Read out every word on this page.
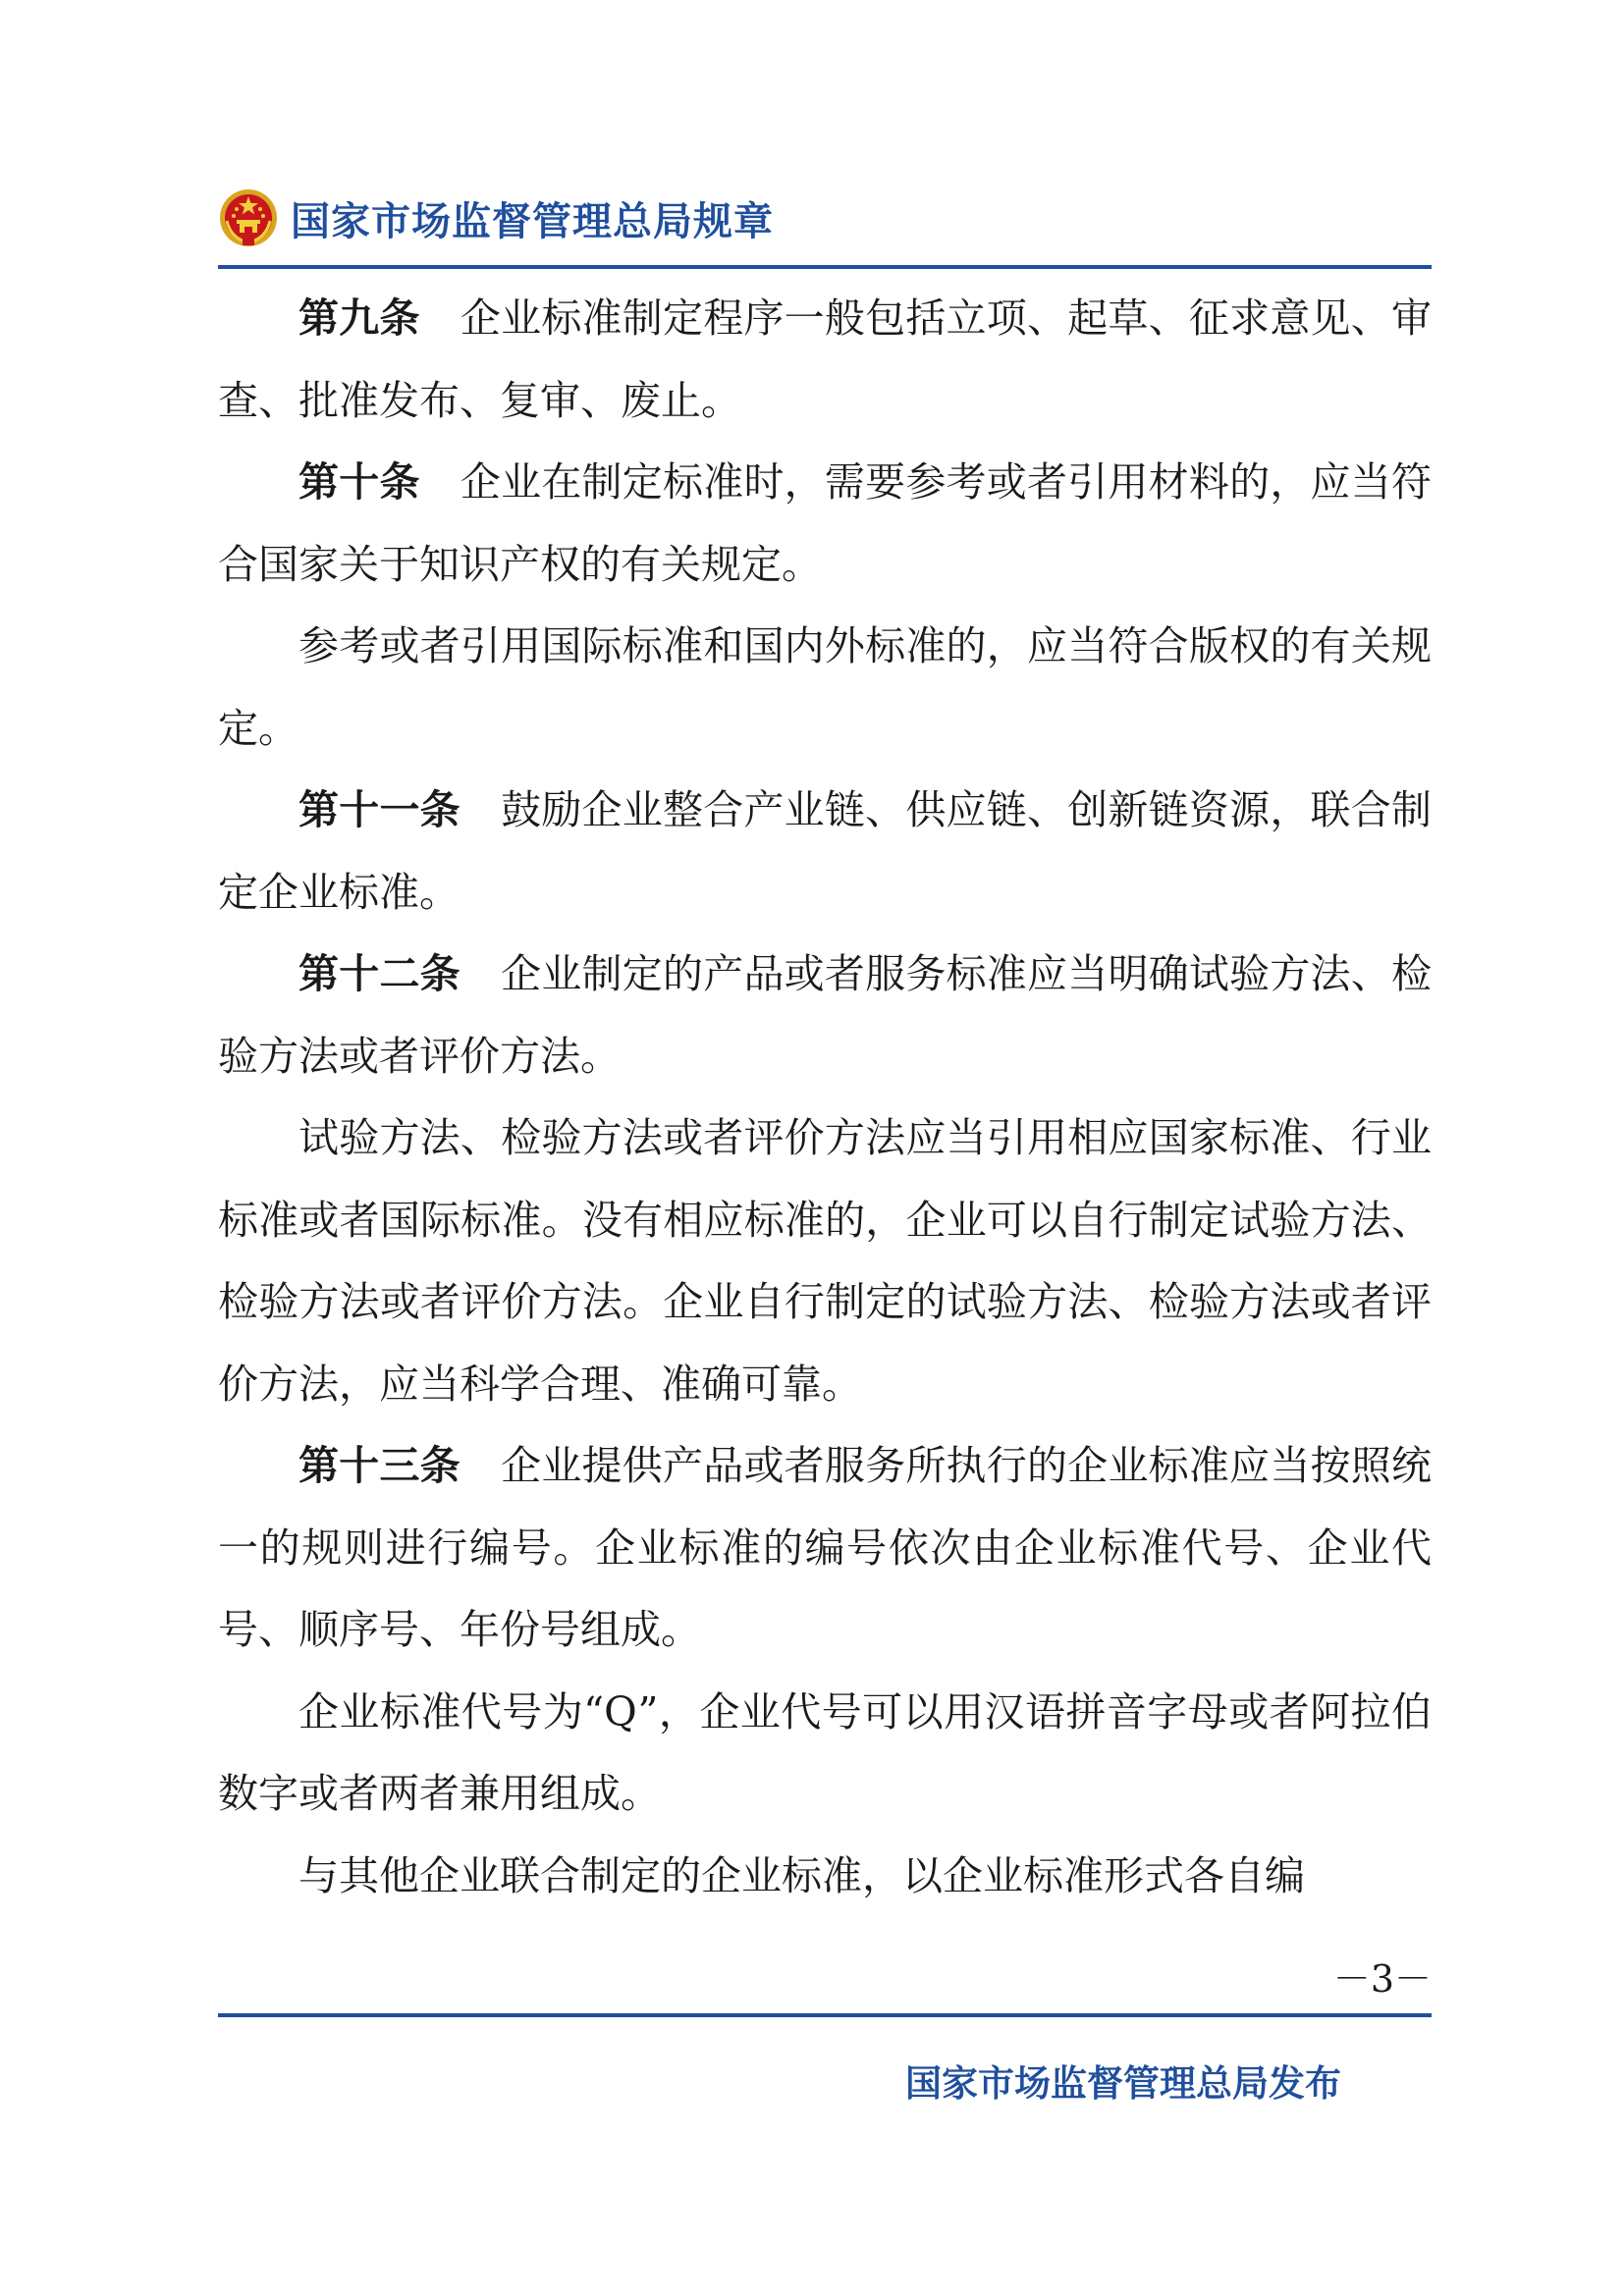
国家市场监督管理总局规章

第九条 企业标准制定程序一般包括立项、起草、征求意见、审查、批准发布、复审、废止。

第十条 企业在制定标准时，需要参考或者引用材料的，应当符合国家关于知识产权的有关规定。

参考或者引用国际标准和国内外标准的，应当符合版权的有关规定。

第十一条 鼓励企业整合产业链、供应链、创新链资源，联合制定企业标准。

第十二条 企业制定的产品或者服务标准应当明确试验方法、检验方法或者评价方法。

试验方法、检验方法或者评价方法应当引用相应国家标准、行业标准或者国际标准。没有相应标准的，企业可以自行制定试验方法、检验方法或者评价方法。企业自行制定的试验方法、检验方法或者评价方法，应当科学合理、准确可靠。

第十三条 企业提供产品或者服务所执行的企业标准应当按照统一的规则进行编号。企业标准的编号依次由企业标准代号、企业代号、顺序号、年份号组成。

企业标准代号为“Q”，企业代号可以用汉语拼音字母或者阿拉伯数字或者两者兼用组成。

与其他企业联合制定的企业标准，以企业标准形式各自编

－3－
国家市场监督管理总局发布
